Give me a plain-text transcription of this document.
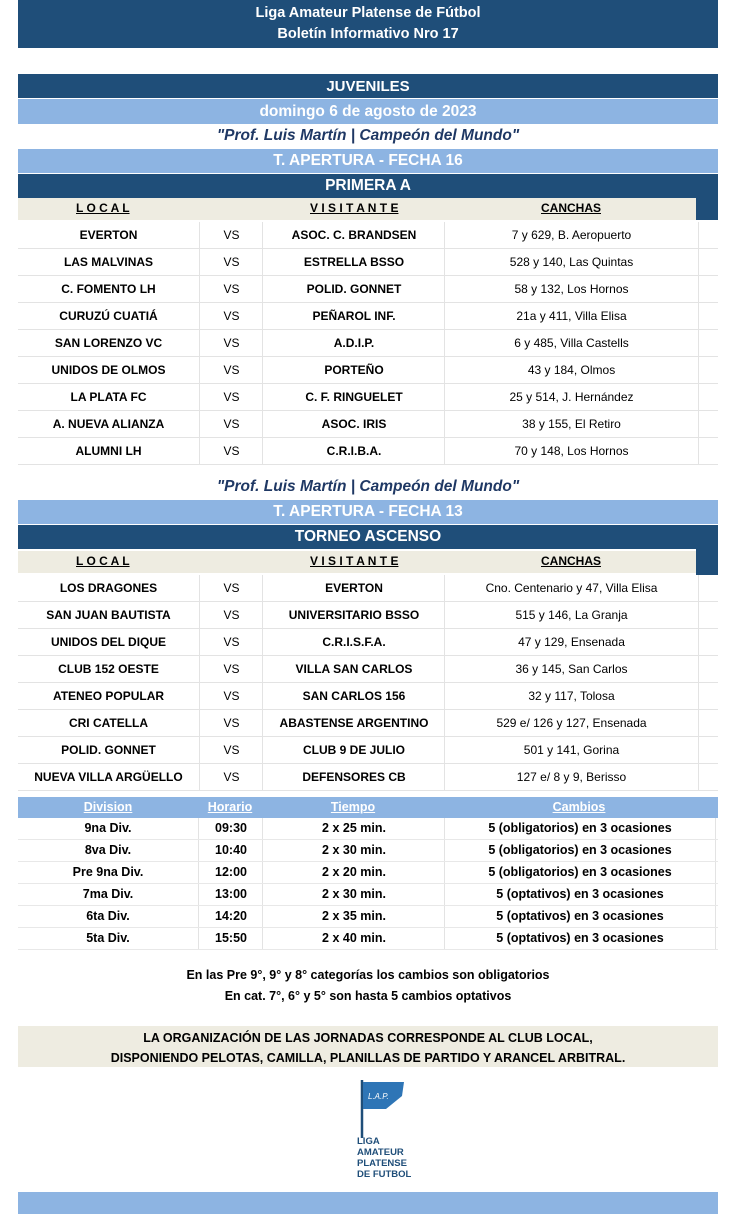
Liga Amateur Platense de Fútbol
Boletín Informativo Nro 17
JUVENILES
domingo 6 de agosto de 2023
"Prof. Luis Martín | Campeón del Mundo"
T. APERTURA - FECHA 16
PRIMERA A
L O C A L	V I S I T A N T E	CANCHAS
EVERTON	VS	ASOC. C. BRANDSEN	7 y 629, B. Aeropuerto
LAS MALVINAS	VS	ESTRELLA BSSO	528 y 140, Las Quintas
C. FOMENTO LH	VS	POLID. GONNET	58 y 132, Los Hornos
CURUZÚ CUATIÁ	VS	PEÑAROL INF.	21a y 411, Villa Elisa
SAN LORENZO VC	VS	A.D.I.P.	6 y 485, Villa Castells
UNIDOS DE OLMOS	VS	PORTEÑO	43 y 184, Olmos
LA PLATA FC	VS	C. F. RINGUELET	25 y 514, J. Hernández
A. NUEVA ALIANZA	VS	ASOC. IRIS	38 y 155, El Retiro
ALUMNI LH	VS	C.R.I.B.A.	70 y 148, Los Hornos
"Prof. Luis Martín | Campeón del Mundo"
T. APERTURA - FECHA 13
TORNEO ASCENSO
L O C A L	V I S I T A N T E	CANCHAS
LOS DRAGONES	VS	EVERTON	Cno. Centenario y 47, Villa Elisa
SAN JUAN BAUTISTA	VS	UNIVERSITARIO BSSO	515 y 146, La Granja
UNIDOS DEL DIQUE	VS	C.R.I.S.F.A.	47 y 129, Ensenada
CLUB 152 OESTE	VS	VILLA SAN CARLOS	36 y 145, San Carlos
ATENEO POPULAR	VS	SAN CARLOS 156	32 y 117, Tolosa
CRI CATELLA	VS	ABASTENSE ARGENTINO	529 e/ 126 y 127, Ensenada
POLID. GONNET	VS	CLUB 9 DE JULIO	501 y 141, Gorina
NUEVA VILLA ARGÜELLO	VS	DEFENSORES CB	127 e/ 8 y 9, Berisso
Division	Horario	Tiempo	Cambios
9na Div.	09:30	2 x 25 min.	5 (obligatorios) en 3 ocasiones
8va Div.	10:40	2 x 30 min.	5 (obligatorios) en 3 ocasiones
Pre 9na Div.	12:00	2 x 20 min.	5 (obligatorios) en 3 ocasiones
7ma Div.	13:00	2 x 30 min.	5 (optativos) en 3 ocasiones
6ta Div.	14:20	2 x 35 min.	5 (optativos) en 3 ocasiones
5ta Div.	15:50	2 x 40 min.	5 (optativos) en 3 ocasiones
En las Pre 9°, 9° y 8° categorías los cambios son obligatorios
En cat. 7°, 6° y 5° son hasta 5 cambios optativos
LA ORGANIZACIÓN DE LAS JORNADAS CORRESPONDE AL CLUB LOCAL,
DISPONIENDO PELOTAS, CAMILLA, PLANILLAS DE PARTIDO Y ARANCEL ARBITRAL.
L.A.P.
LIGA
AMATEUR
PLATENSE
DE FUTBOL
